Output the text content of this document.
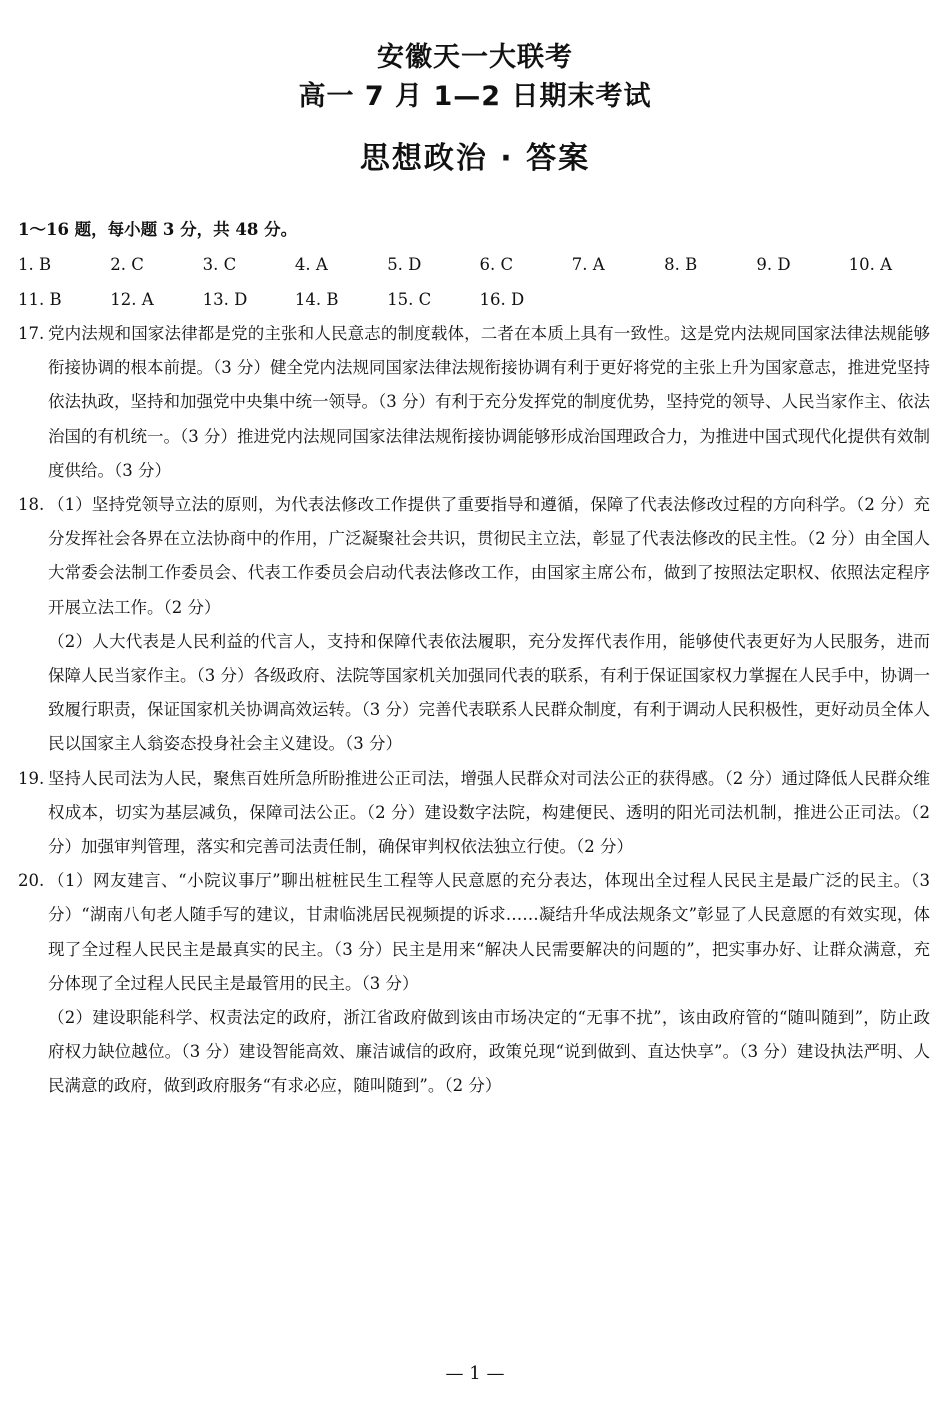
安徽天一大联考
高一 7 月 1—2 日期末考试
思想政治 · 答案
1～16 题，每小题 3 分，共 48 分。
1. B	2. C	3. C	4. A	5. D	6. C	7. A	8. B	9. D	10. A
11. B	12. A	13. D	14. B	15. C	16. D
17. 党内法规和国家法律都是党的主张和人民意志的制度载体，二者在本质上具有一致性。这是党内法规同国家法律法规能够衔接协调的根本前提。（3 分）健全党内法规同国家法律法规衔接协调有利于更好将党的主张上升为国家意志，推进党坚持依法执政，坚持和加强党中央集中统一领导。（3 分）有利于充分发挥党的制度优势，坚持党的领导、人民当家作主、依法治国的有机统一。（3 分）推进党内法规同国家法律法规衔接协调能够形成治国理政合力，为推进中国式现代化提供有效制度供给。（3 分）

18. （1）坚持党领导立法的原则，为代表法修改工作提供了重要指导和遵循，保障了代表法修改过程的方向科学。（2 分）充分发挥社会各界在立法协商中的作用，广泛凝聚社会共识，贯彻民主立法，彰显了代表法修改的民主性。（2 分）由全国人大常委会法制工作委员会、代表工作委员会启动代表法修改工作，由国家主席公布，做到了按照法定职权、依照法定程序开展立法工作。（2 分）

（2）人大代表是人民利益的代言人，支持和保障代表依法履职，充分发挥代表作用，能够使代表更好为人民服务，进而保障人民当家作主。（3 分）各级政府、法院等国家机关加强同代表的联系，有利于保证国家权力掌握在人民手中，协调一致履行职责，保证国家机关协调高效运转。（3 分）完善代表联系人民群众制度，有利于调动人民积极性，更好动员全体人民以国家主人翁姿态投身社会主义建设。（3 分）

19. 坚持人民司法为人民，聚焦百姓所急所盼推进公正司法，增强人民群众对司法公正的获得感。（2 分）通过降低人民群众维权成本，切实为基层减负，保障司法公正。（2 分）建设数字法院，构建便民、透明的阳光司法机制，推进公正司法。（2 分）加强审判管理，落实和完善司法责任制，确保审判权依法独立行使。（2 分）

20. （1）网友建言、“小院议事厅”聊出桩桩民生工程等人民意愿的充分表达，体现出全过程人民民主是最广泛的民主。（3 分）“湖南八旬老人随手写的建议，甘肃临洮居民视频提的诉求……凝结升华成法规条文”彰显了人民意愿的有效实现，体现了全过程人民民主是最真实的民主。（3 分）民主是用来“解决人民需要解决的问题的”，把实事办好、让群众满意，充分体现了全过程人民民主是最管用的民主。（3 分）

（2）建设职能科学、权责法定的政府，浙江省政府做到该由市场决定的“无事不扰”，该由政府管的“随叫随到”，防止政府权力缺位越位。（3 分）建设智能高效、廉洁诚信的政府，政策兑现“说到做到、直达快享”。（3 分）建设执法严明、人民满意的政府，做到政府服务“有求必应，随叫随到”。（2 分）

— 1 —
